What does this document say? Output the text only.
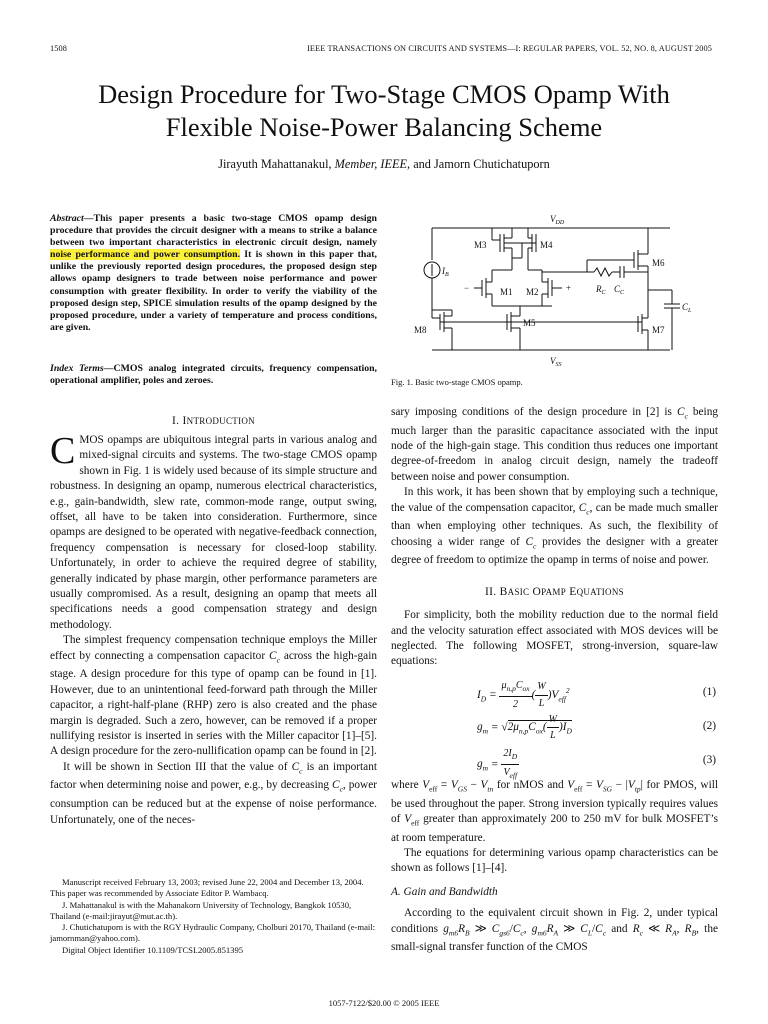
1508	IEEE TRANSACTIONS ON CIRCUITS AND SYSTEMS—I: REGULAR PAPERS, VOL. 52, NO. 8, AUGUST 2005
Design Procedure for Two-Stage CMOS Opamp With
Flexible Noise-Power Balancing Scheme
Jirayuth Mahattanakul, Member, IEEE, and Jamorn Chutichatuporn
Abstract—This paper presents a basic two-stage CMOS opamp design procedure that provides the circuit designer with a means to strike a balance between two important characteristics in electronic circuit design, namely noise performance and power consumption. It is shown in this paper that, unlike the previously reported design procedures, the proposed design step allows opamp designers to trade between noise performance and power consumption with greater flexibility. In order to verify the viability of the proposed design step, SPICE simulation results of the opamp designed by the proposed procedure, under a variety of temperature and process conditions, are given.
Index Terms—CMOS analog integrated circuits, frequency compensation, operational amplifier, poles and zeroes.
$V_{DD}$
$V_{SS}$
M3	M4
M1 M2
M5
M6
M7
M8
$I_B$
$R_C$ $C_C$
$C_L$
−	+
Fig. 1. Basic two-stage CMOS opamp.
I. INTRODUCTION

CMOS opamps are ubiquitous integral parts in various analog and mixed-signal circuits and systems. The two-stage CMOS opamp shown in Fig. 1 is widely used because of its simple structure and robustness. In designing an opamp, numerous electrical characteristics, e.g., gain-bandwidth, slew rate, common-mode range, output swing, offset, all have to be taken into consideration. Furthermore, since opamps are designed to be operated with negative-feedback connection, frequency compensation is necessary for closed-loop stability. Unfortunately, in order to achieve the required degree of stability, generally indicated by phase margin, other performance parameters are usually compromised. As a result, designing an opamp that meets all specifications needs a good compensation strategy and design methodology.

The simplest frequency compensation technique employs the Miller effect by connecting a compensation capacitor $C_c$ across the high-gain stage. A design procedure for this type of opamp can be found in [1]. However, due to an unintentional feed-forward path through the Miller capacitor, a right-half-plane (RHP) zero is also created and the phase margin is degraded. Such a zero, however, can be removed if a proper nullifying resistor is inserted in series with the Miller capacitor [1]–[5]. A design procedure for the zero-nullification opamp can be found in [2].

It will be shown in Section III that the value of $C_c$ is an important factor when determining noise and power, e.g., by decreasing $C_c$, power consumption can be reduced but at the expense of noise performance. Unfortunately, one of the neces-

Manuscript received February 13, 2003; revised June 22, 2004 and December 13, 2004. This paper was recommended by Associate Editor P. Wambacq.

J. Mahattanakul is with the Mahanakorn University of Technology, Bangkok 10530, Thailand (e-mail:jirayut@mut.ac.th).

J. Chutichatuporn is with the RGY Hydraulic Company, Cholburi 20170, Thailand (e-mail: jamornman@yahoo.com).

Digital Object Identifier 10.1109/TCSI.2005.851395

sary imposing conditions of the design procedure in [2] is $C_c$ being much larger than the parasitic capacitance associated with the input node of the high-gain stage. This condition thus reduces one important degree-of-freedom in analog circuit design, namely the tradeoff between noise and power consumption.

In this work, it has been shown that by employing such a technique, the value of the compensation capacitor, $C_c$, can be made much smaller than when employing other techniques. As such, the flexibility of choosing a wider range of $C_c$ provides the designer with a greater degree of freedom to optimize the opamp in terms of noise and power.

II. BASIC OPAMP EQUATIONS

For simplicity, both the mobility reduction due to the normal field and the velocity saturation effect associated with MOS devices will be neglected. The following MOSFET, strong-inversion, square-law equations:

$I_D = \frac{\mu_{n,p}C_{ox}}{2}$ ( $\frac{W}{L} )V_{eff}^2$	(1)
$g_m = √2\mu_{n,p}C_{ox}( \frac{W}{L} )I_D$	(2)
$g_m = \frac{2I_D}{V_{eff}}$	(3)

where $V_{eff} = V_{GS} - V_{tn}$ for nMOS and $V_{eff} = V_{SG} - |V_{tp}|$ for PMOS, will be used throughout the paper. Strong inversion typically requires values of $V_{eff}$ greater than approximately 200 to 250 mV for bulk MOSFET’s at room temperature.

The equations for determining various opamp characteristics can be shown as follows [1]–[4].

A. Gain and Bandwidth

According to the equivalent circuit shown in Fig. 2, under typical conditions $g_{m6}R_B$ ≫ $C_{gs6}/C_c$, $g_{m6}R_A$ ≫ $C_L/C_c$ and $R_c$ ≪ $R_A$, $R_B$, the small-signal transfer function of the CMOS

1057-7122/$20.00 © 2005 IEEE
